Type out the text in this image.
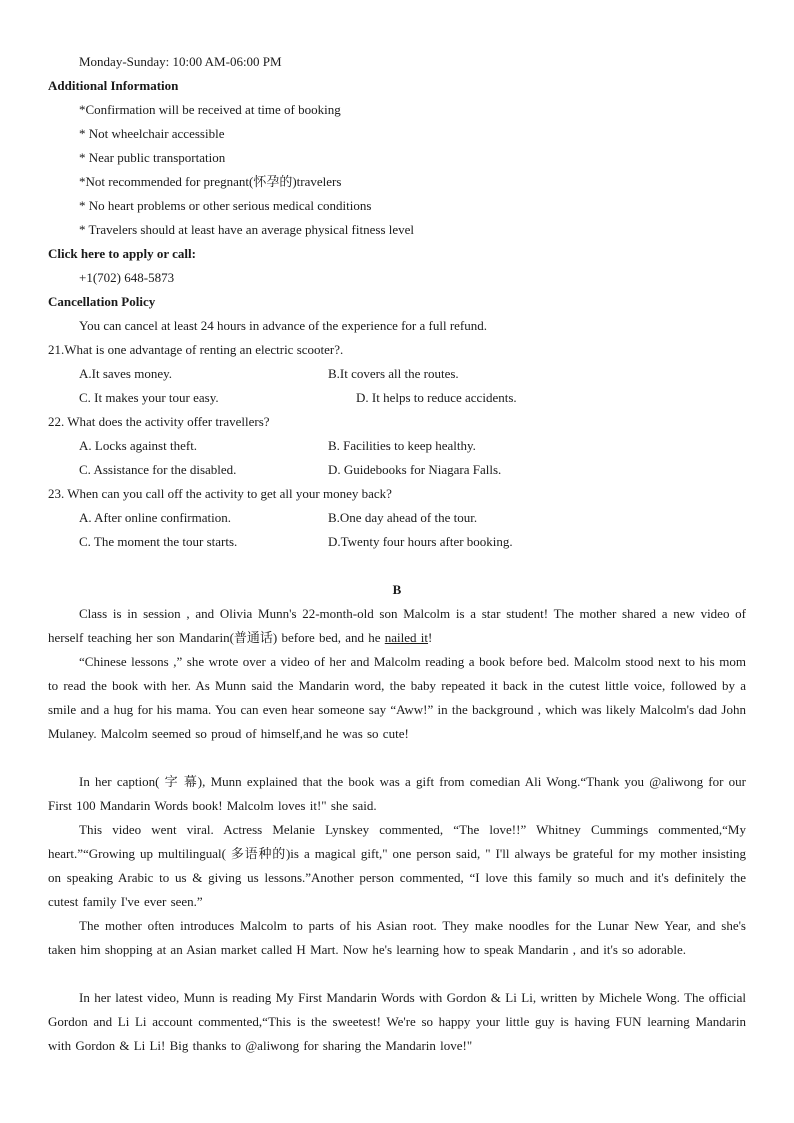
Monday-Sunday: 10:00 AM-06:00 PM
Additional Information
*Confirmation will be received at time of booking
* Not wheelchair accessible
* Near public transportation
*Not recommended for pregnant(怀孕的)travelers
* No heart problems or other serious medical conditions
* Travelers should at least have an average physical fitness level
Click here to apply or call:
+1(702) 648-5873
Cancellation Policy
You can cancel at least 24 hours in advance of the experience for a full refund.
21.What is one advantage of renting an electric scooter?.
A.It saves money.	B.It covers all the routes.
C. It makes your tour easy.	D. It helps to reduce accidents.
22. What does the activity offer travellers?
A. Locks against theft.	B. Facilities to keep healthy.
C. Assistance for the disabled.	D. Guidebooks for Niagara Falls.
23. When can you call off the activity to get all your money back?
A. After online confirmation.	B.One day ahead of the tour.
C. The moment the tour starts.	D.Twenty four hours after booking.
B
Class is in session , and Olivia Munn's 22-month-old son Malcolm is a star student! The mother shared a new video of herself teaching her son Mandarin(普通话) before bed, and he nailed it!
“Chinese lessons ,” she wrote over a video of her and Malcolm reading a book before bed. Malcolm stood next to his mom to read the book with her. As Munn said the Mandarin word, the baby repeated it back in the cutest little voice, followed by a smile and a hug for his mama. You can even hear someone say “Aww!” in the background , which was likely Malcolm's dad John Mulaney. Malcolm seemed so proud of himself,and he was so cute!
In her caption( 字 幕), Munn explained that the book was a gift from comedian Ali Wong.“Thank you @aliwong for our First 100 Mandarin Words book! Malcolm loves it!" she said.
This video went viral. Actress Melanie Lynskey commented, “The love!!” Whitney Cummings commented,“My heart.”“Growing up multilingual( 多语种的)is a magical gift," one person said, " I'll always be grateful for my mother insisting on speaking Arabic to us & giving us lessons.”Another person commented, “I love this family so much and it's definitely the cutest family I've ever seen.”
The mother often introduces Malcolm to parts of his Asian root. They make noodles for the Lunar New Year, and she's taken him shopping at an Asian market called H Mart. Now he's learning how to speak Mandarin , and it's so adorable.
In her latest video, Munn is reading My First Mandarin Words with Gordon & Li Li, written by Michele Wong. The official Gordon and Li Li account commented,“This is the sweetest! We're so happy your little guy is having FUN learning Mandarin with Gordon & Li Li! Big thanks to @aliwong for sharing the Mandarin love!"
